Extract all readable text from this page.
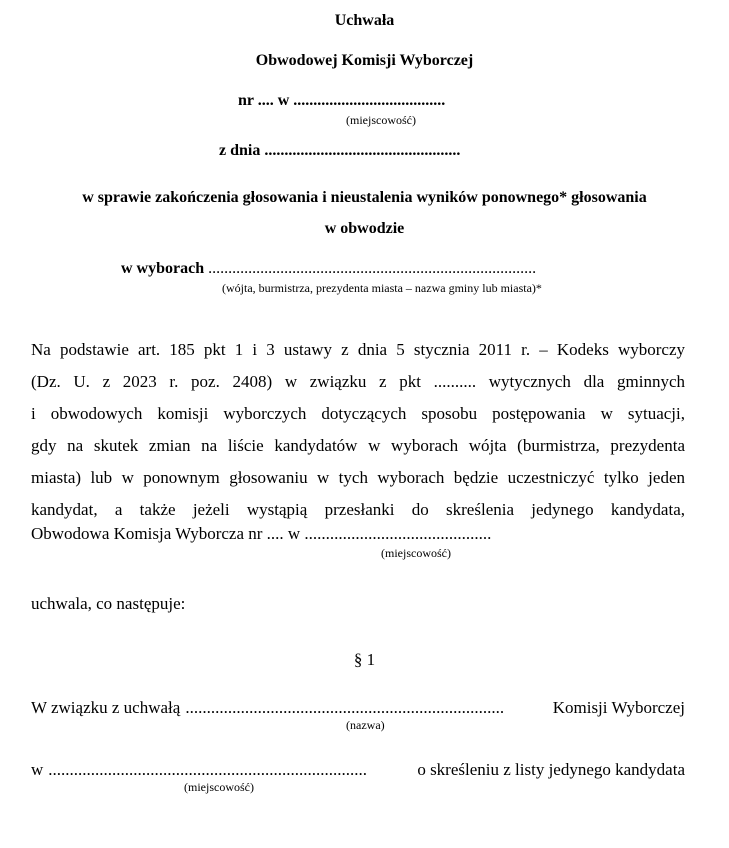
Uchwała
Obwodowej Komisji Wyborczej
nr .... w ......................................
(miejscowość)
z dnia .................................................
w sprawie zakończenia głosowania i nieustalenia wyników ponownego* głosowania
w obwodzie
w wyborach ..................................................................................
(wójta, burmistrza, prezydenta miasta – nazwa gminy lub miasta)*
Na podstawie art. 185 pkt 1 i 3 ustawy z dnia 5 stycznia 2011 r. – Kodeks wyborczy
(Dz. U. z 2023 r. poz. 2408) w związku z pkt .......... wytycznych dla gminnych
i obwodowych komisji wyborczych dotyczących sposobu postępowania w sytuacji,
gdy na skutek zmian na liście kandydatów w wyborach wójta (burmistrza, prezydenta
miasta) lub w ponownym głosowaniu w tych wyborach będzie uczestniczyć tylko jeden
kandydat, a także jeżeli wystąpią przesłanki do skreślenia jedynego kandydata,
Obwodowa Komisja Wyborcza nr .... w ............................................
(miejscowość)
uchwala, co następuje:
§ 1
W związku z uchwałą ...........................................................................	Komisji Wyborczej
(nazwa)
w ...........................................................................	o skreśleniu z listy jedynego kandydata
(miejscowość)
